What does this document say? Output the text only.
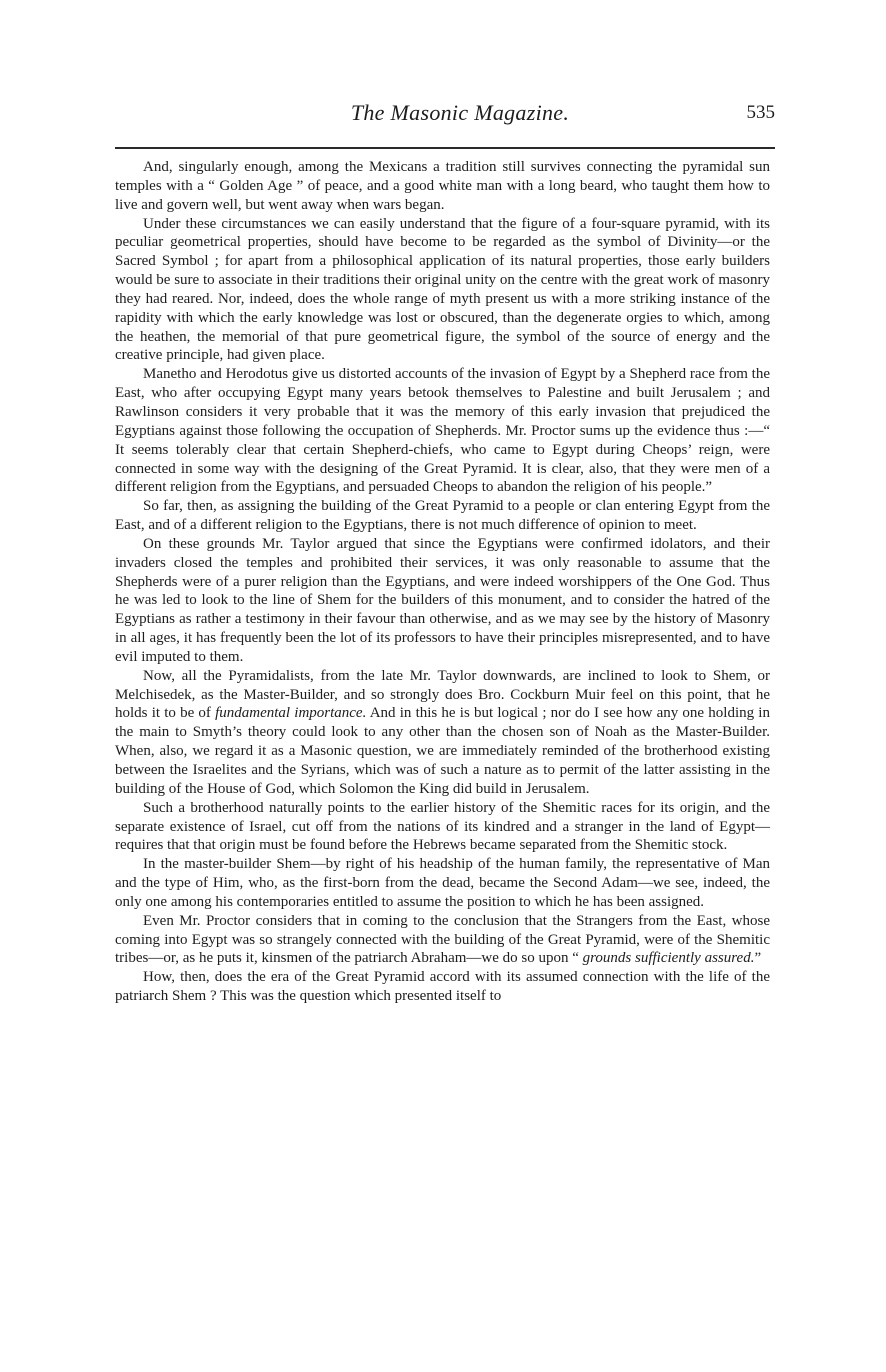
The Masonic Magazine.	535

And, singularly enough, among the Mexicans a tradition still survives connecting the pyramidal sun temples with a “ Golden Age ” of peace, and a good white man with a long beard, who taught them how to live and govern well, but went away when wars began.

Under these circumstances we can easily understand that the figure of a four-square pyramid, with its peculiar geometrical properties, should have become to be regarded as the symbol of Divinity—or the Sacred Symbol ; for apart from a philosophical application of its natural properties, those early builders would be sure to associate in their traditions their original unity on the centre with the great work of masonry they had reared. Nor, indeed, does the whole range of myth present us with a more striking instance of the rapidity with which the early knowledge was lost or obscured, than the degenerate orgies to which, among the heathen, the memorial of that pure geometrical figure, the symbol of the source of energy and the creative principle, had given place.

Manetho and Herodotus give us distorted accounts of the invasion of Egypt by a Shepherd race from the East, who after occupying Egypt many years betook themselves to Palestine and built Jerusalem ; and Rawlinson considers it very probable that it was the memory of this early invasion that prejudiced the Egyptians against those following the occupation of Shepherds. Mr. Proctor sums up the evidence thus :—“ It seems tolerably clear that certain Shepherd-chiefs, who came to Egypt during Cheops’ reign, were connected in some way with the designing of the Great Pyramid. It is clear, also, that they were men of a different religion from the Egyptians, and persuaded Cheops to abandon the religion of his people.”

So far, then, as assigning the building of the Great Pyramid to a people or clan entering Egypt from the East, and of a different religion to the Egyptians, there is not much difference of opinion to meet.

On these grounds Mr. Taylor argued that since the Egyptians were confirmed idolators, and their invaders closed the temples and prohibited their services, it was only reasonable to assume that the Shepherds were of a purer religion than the Egyptians, and were indeed worshippers of the One God. Thus he was led to look to the line of Shem for the builders of this monument, and to consider the hatred of the Egyptians as rather a testimony in their favour than otherwise, and as we may see by the history of Masonry in all ages, it has frequently been the lot of its professors to have their principles misrepresented, and to have evil imputed to them.

Now, all the Pyramidalists, from the late Mr. Taylor downwards, are inclined to look to Shem, or Melchisedek, as the Master-Builder, and so strongly does Bro. Cockburn Muir feel on this point, that he holds it to be of fundamental importance. And in this he is but logical ; nor do I see how any one holding in the main to Smyth’s theory could look to any other than the chosen son of Noah as the Master-Builder. When, also, we regard it as a Masonic question, we are immediately reminded of the brotherhood existing between the Israelites and the Syrians, which was of such a nature as to permit of the latter assisting in the building of the House of God, which Solomon the King did build in Jerusalem.

Such a brotherhood naturally points to the earlier history of the Shemitic races for its origin, and the separate existence of Israel, cut off from the nations of its kindred and a stranger in the land of Egypt—requires that that origin must be found before the Hebrews became separated from the Shemitic stock.

In the master-builder Shem—by right of his headship of the human family, the representative of Man and the type of Him, who, as the first-born from the dead, became the Second Adam—we see, indeed, the only one among his contemporaries entitled to assume the position to which he has been assigned.

Even Mr. Proctor considers that in coming to the conclusion that the Strangers from the East, whose coming into Egypt was so strangely connected with the building of the Great Pyramid, were of the Shemitic tribes—or, as he puts it, kinsmen of the patriarch Abraham—we do so upon “ grounds sufficiently assured.”

How, then, does the era of the Great Pyramid accord with its assumed connection with the life of the patriarch Shem ? This was the question which presented itself to
